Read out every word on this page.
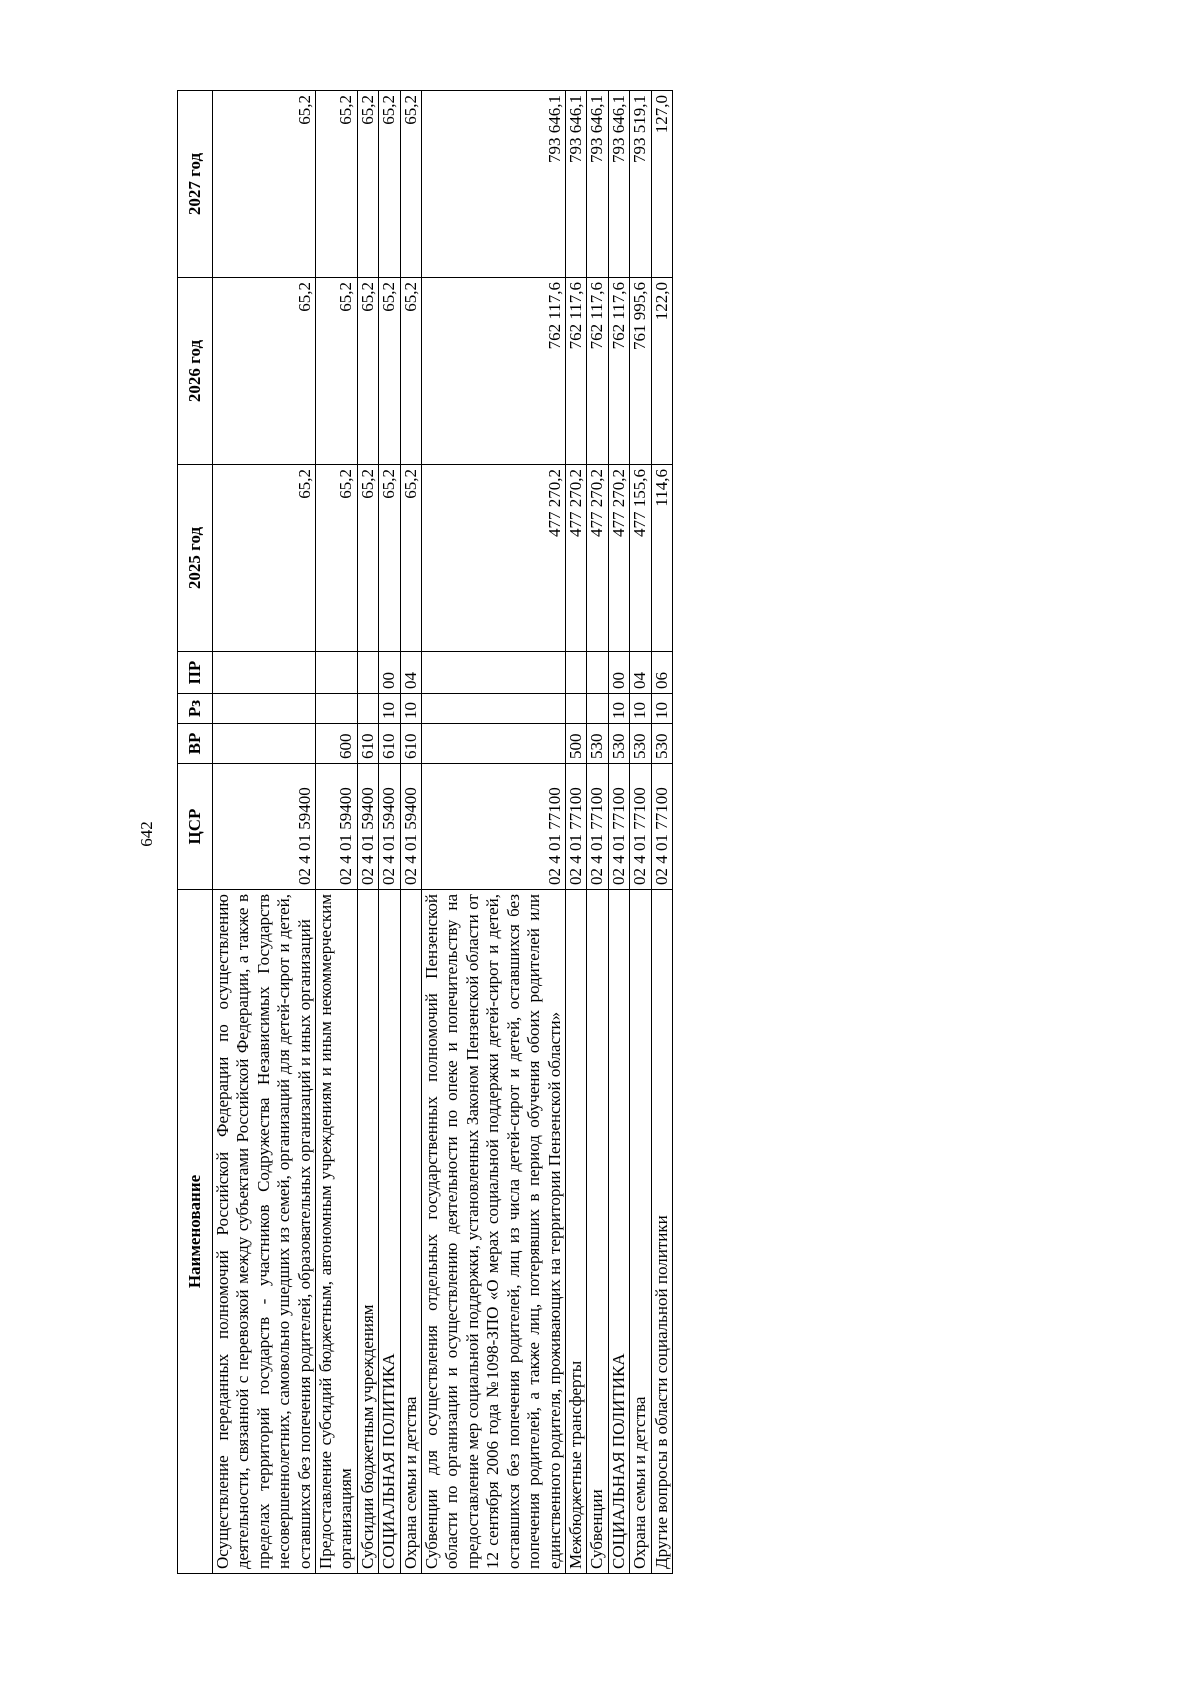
642
Наименование	ЦСР	ВР	Рз	ПР	2025 год	2026 год	2027 год
Осуществление переданных полномочий Российской Федерации по осуществлению деятельности, связанной с перевозкой между субъектами Российской Федерации, а также в пределах территорий государств - участников Содружества Независимых Государств несовершеннолетних, самовольно ушедших из семей, организаций для детей-сирот и детей, оставшихся без попечения родителей, образовательных организаций и иных организаций	02 4 01 59400				65,2	65,2	65,2
Предоставление субсидий бюджетным, автономным учреждениям и иным некоммерческим организациям	02 4 01 59400	600			65,2	65,2	65,2
Субсидии бюджетным учреждениям	02 4 01 59400	610			65,2	65,2	65,2
СОЦИАЛЬНАЯ ПОЛИТИКА	02 4 01 59400	610	10	00	65,2	65,2	65,2
Охрана семьи и детства	02 4 01 59400	610	10	04	65,2	65,2	65,2
Субвенции для осуществления отдельных государственных полномочий Пензенской области по организации и осуществлению деятельности по опеке и попечительству на предоставление мер социальной поддержки, установленных Законом Пензенской области от 12 сентября 2006 года №1098-ЗПО «О мерах социальной поддержки детей-сирот и детей, оставшихся без попечения родителей, лиц из числа детей-сирот и детей, оставшихся без попечения родителей, а также лиц, потерявших в период обучения обоих родителей или единственного родителя, проживающих на территории Пензенской области»	02 4 01 77100				477 270,2	762 117,6	793 646,1
Межбюджетные трансферты	02 4 01 77100	500			477 270,2	762 117,6	793 646,1
Субвенции	02 4 01 77100	530			477 270,2	762 117,6	793 646,1
СОЦИАЛЬНАЯ ПОЛИТИКА	02 4 01 77100	530	10	00	477 270,2	762 117,6	793 646,1
Охрана семьи и детства	02 4 01 77100	530	10	04	477 155,6	761 995,6	793 519,1
Другие вопросы в области социальной политики	02 4 01 77100	530	10	06	114,6	122,0	127,0
